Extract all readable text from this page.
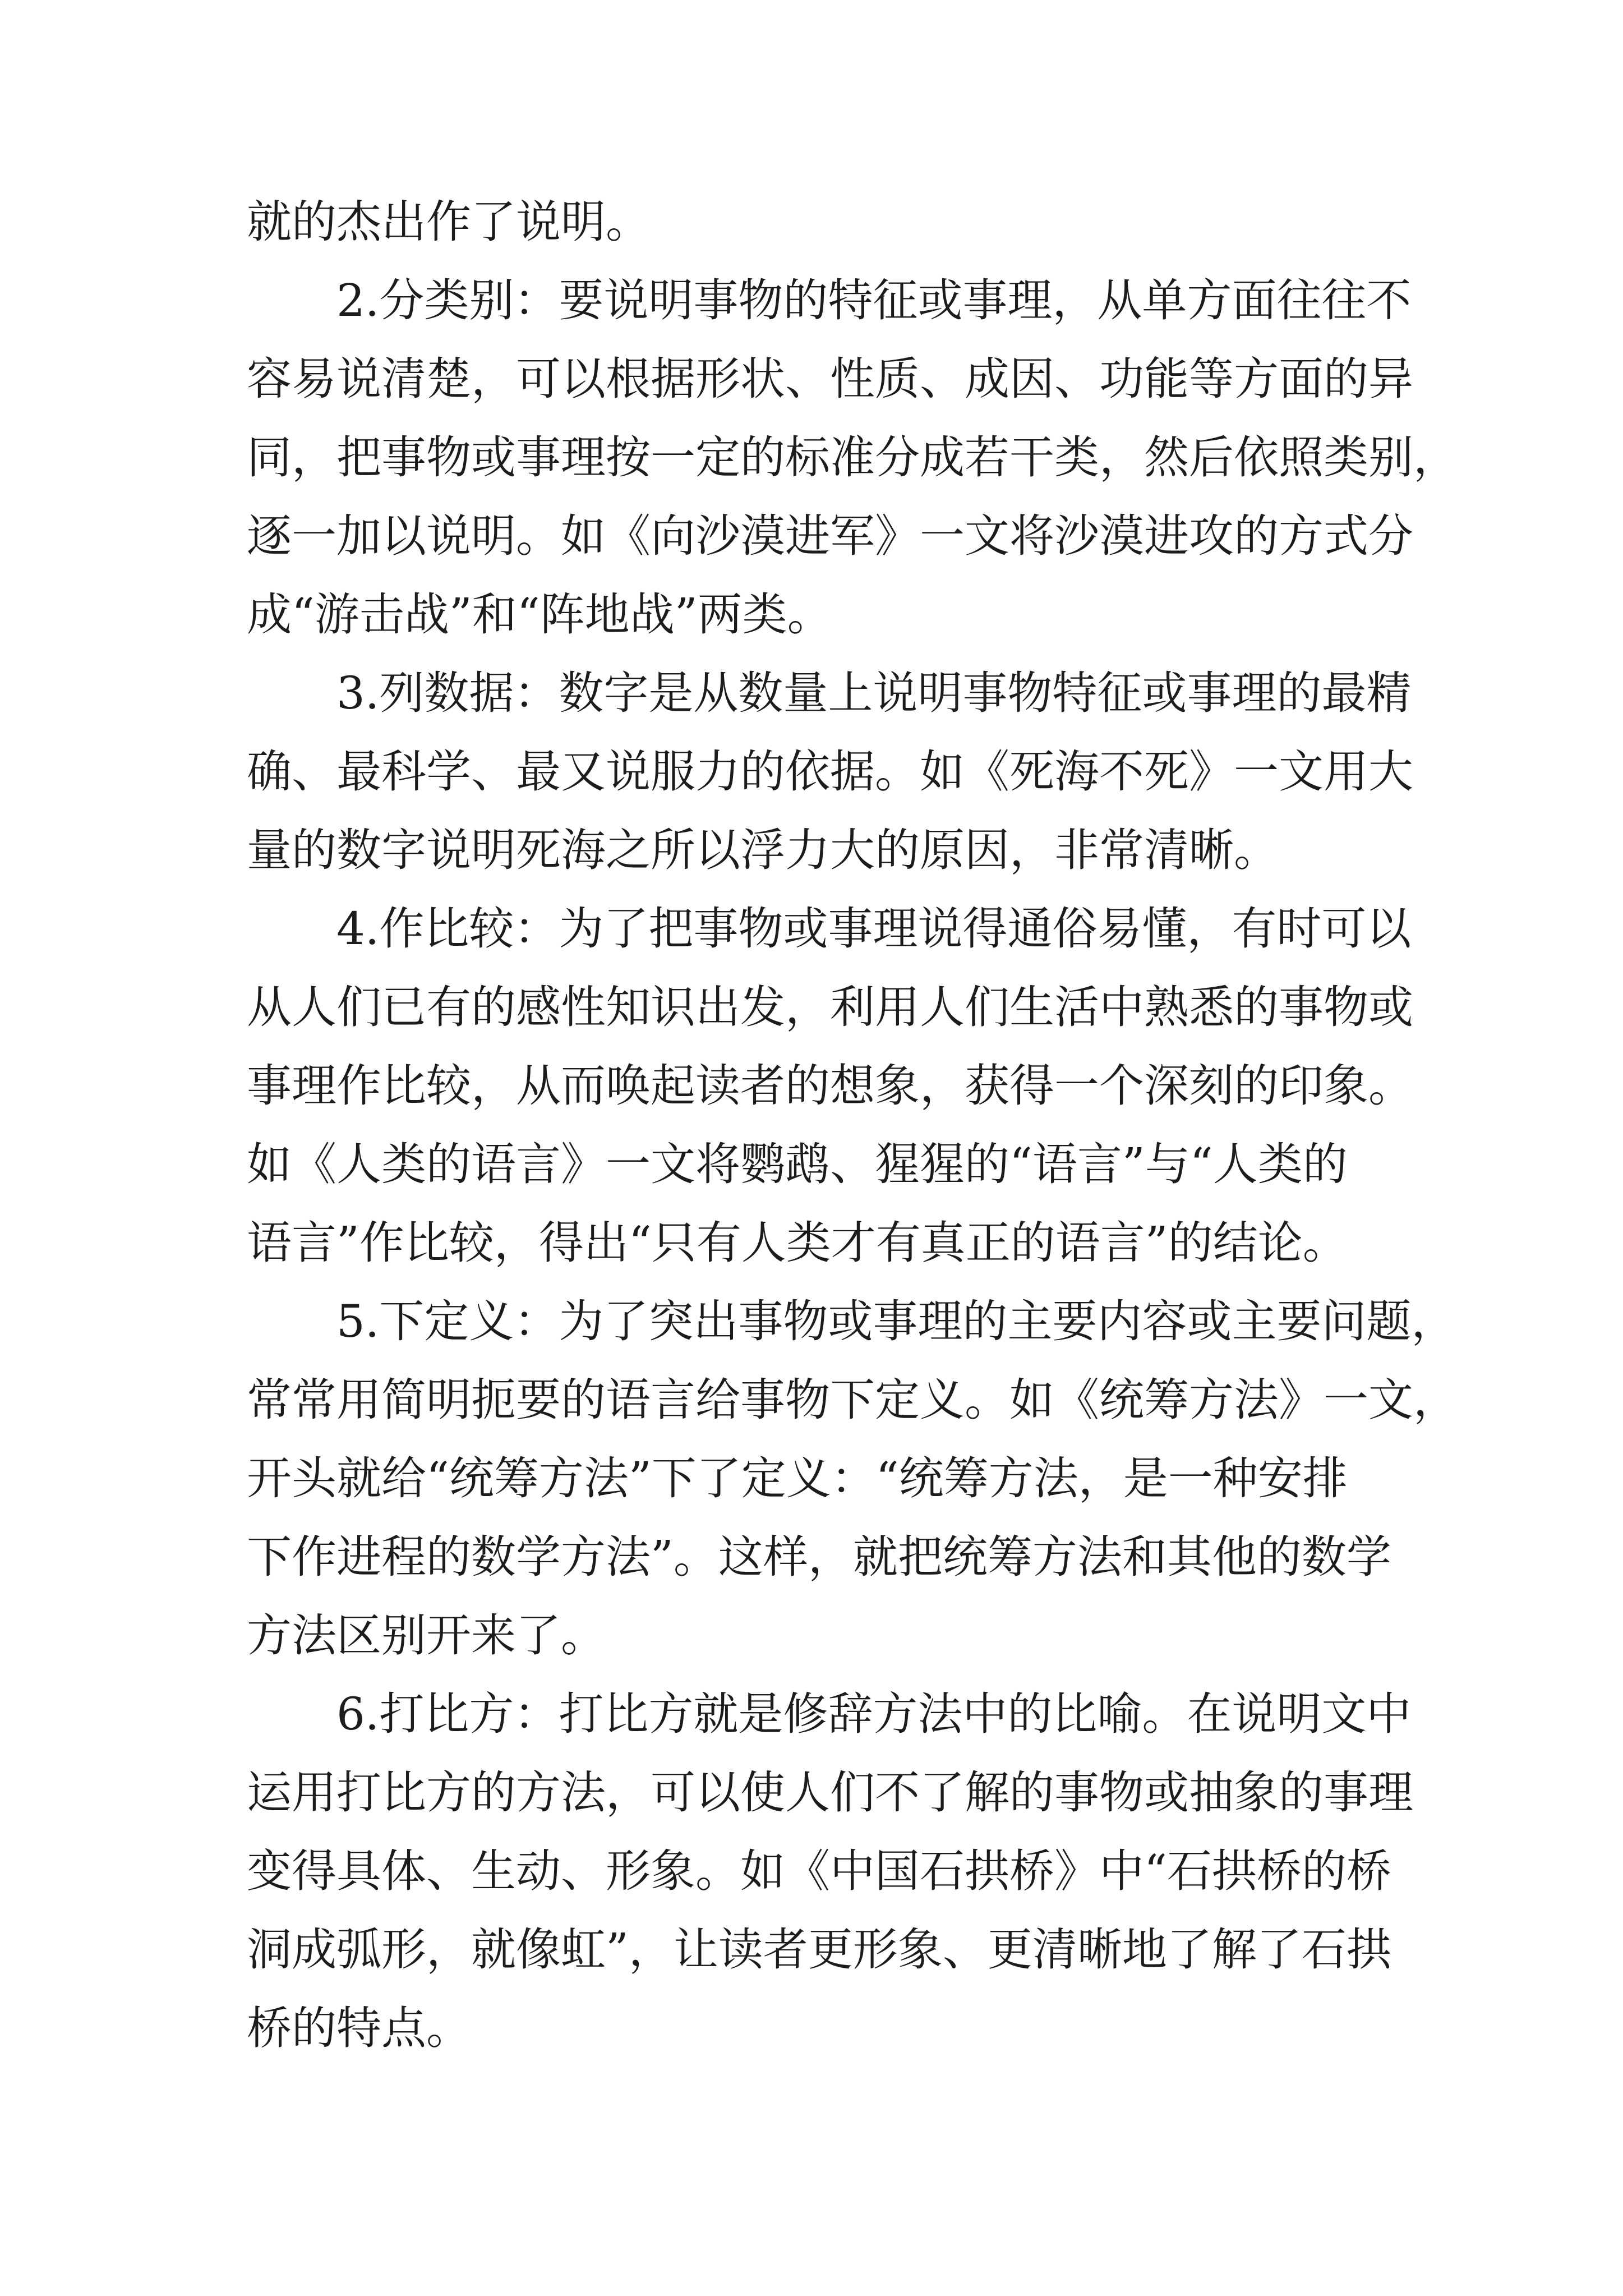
就的杰出作了说明。
2.分类别：要说明事物的特征或事理，从单方面往往不
容易说清楚，可以根据形状、性质、成因、功能等方面的异
同，把事物或事理按一定的标准分成若干类，然后依照类别，
逐一加以说明。如《向沙漠进军》一文将沙漠进攻的方式分
成“游击战”和“阵地战”两类。
3.列数据：数字是从数量上说明事物特征或事理的最精
确、最科学、最又说服力的依据。如《死海不死》一文用大
量的数字说明死海之所以浮力大的原因，非常清晰。
4.作比较：为了把事物或事理说得通俗易懂，有时可以
从人们已有的感性知识出发，利用人们生活中熟悉的事物或
事理作比较，从而唤起读者的想象，获得一个深刻的印象。
如《人类的语言》一文将鹦鹉、猩猩的“语言”与“人类的
语言”作比较，得出“只有人类才有真正的语言”的结论。
5.下定义：为了突出事物或事理的主要内容或主要问题，
常常用简明扼要的语言给事物下定义。如《统筹方法》一文，
开头就给“统筹方法”下了定义：“统筹方法，是一种安排
下作进程的数学方法”。这样，就把统筹方法和其他的数学
方法区别开来了。
6.打比方：打比方就是修辞方法中的比喻。在说明文中
运用打比方的方法，可以使人们不了解的事物或抽象的事理
变得具体、生动、形象。如《中国石拱桥》中“石拱桥的桥
洞成弧形，就像虹”，让读者更形象、更清晰地了解了石拱
桥的特点。
